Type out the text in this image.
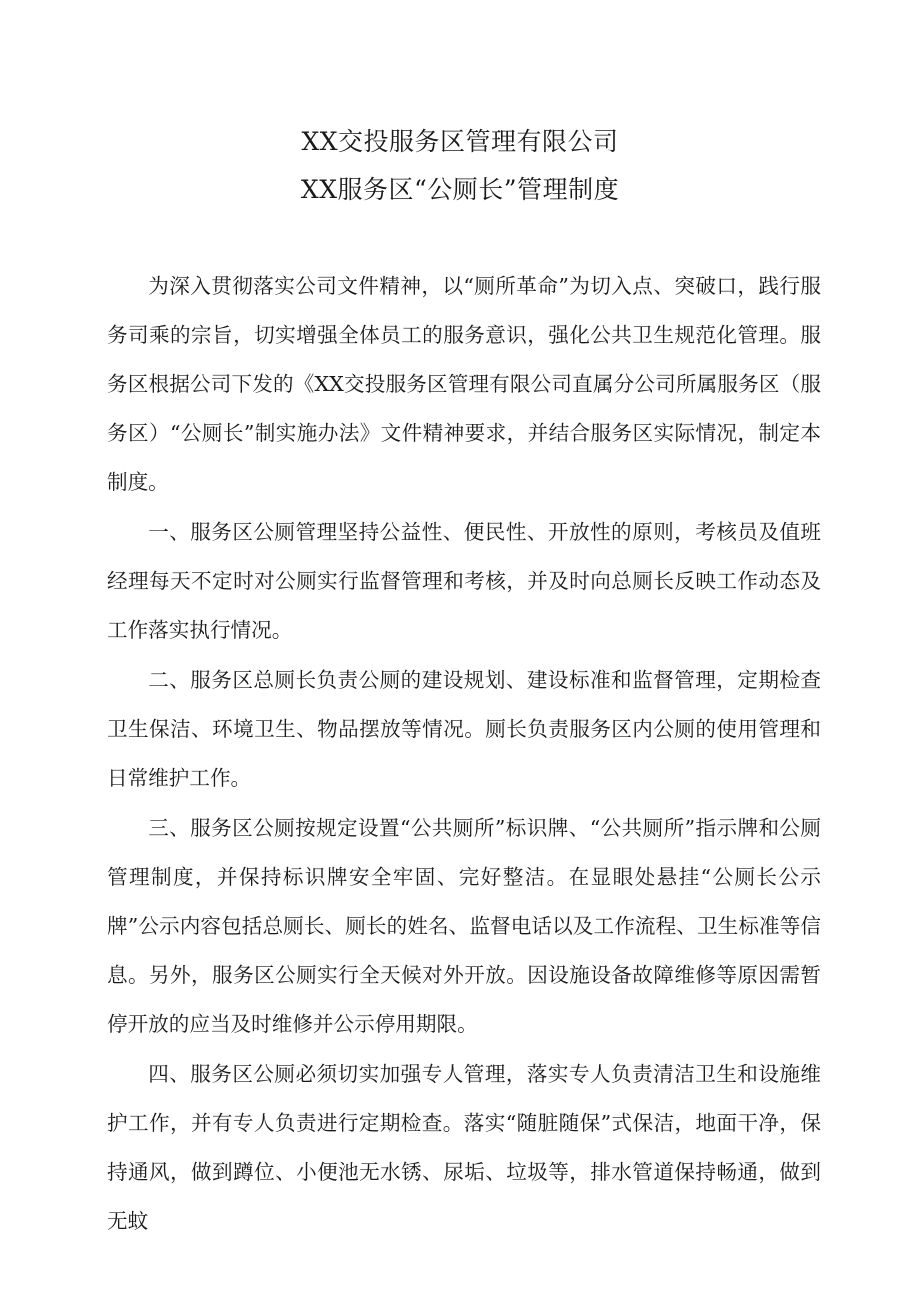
XX交投服务区管理有限公司
XX服务区“公厕长”管理制度

为深入贯彻落实公司文件精神，以“厕所革命”为切入点、突破口，践行服务司乘的宗旨，切实增强全体员工的服务意识，强化公共卫生规范化管理。服务区根据公司下发的《XX交投服务区管理有限公司直属分公司所属服务区（服务区）“公厕长”制实施办法》文件精神要求，并结合服务区实际情况，制定本制度。

一、服务区公厕管理坚持公益性、便民性、开放性的原则，考核员及值班经理每天不定时对公厕实行监督管理和考核，并及时向总厕长反映工作动态及工作落实执行情况。

二、服务区总厕长负责公厕的建设规划、建设标准和监督管理，定期检查卫生保洁、环境卫生、物品摆放等情况。厕长负责服务区内公厕的使用管理和日常维护工作。

三、服务区公厕按规定设置“公共厕所”标识牌、“公共厕所”指示牌和公厕管理制度，并保持标识牌安全牢固、完好整洁。在显眼处悬挂“公厕长公示牌”公示内容包括总厕长、厕长的姓名、监督电话以及工作流程、卫生标准等信息。另外，服务区公厕实行全天候对外开放。因设施设备故障维修等原因需暂停开放的应当及时维修并公示停用期限。

四、服务区公厕必须切实加强专人管理，落实专人负责清洁卫生和设施维护工作，并有专人负责进行定期检查。落实“随脏随保”式保洁，地面干净，保持通风，做到蹲位、小便池无水锈、尿垢、垃圾等，排水管道保持畅通，做到无蚊
